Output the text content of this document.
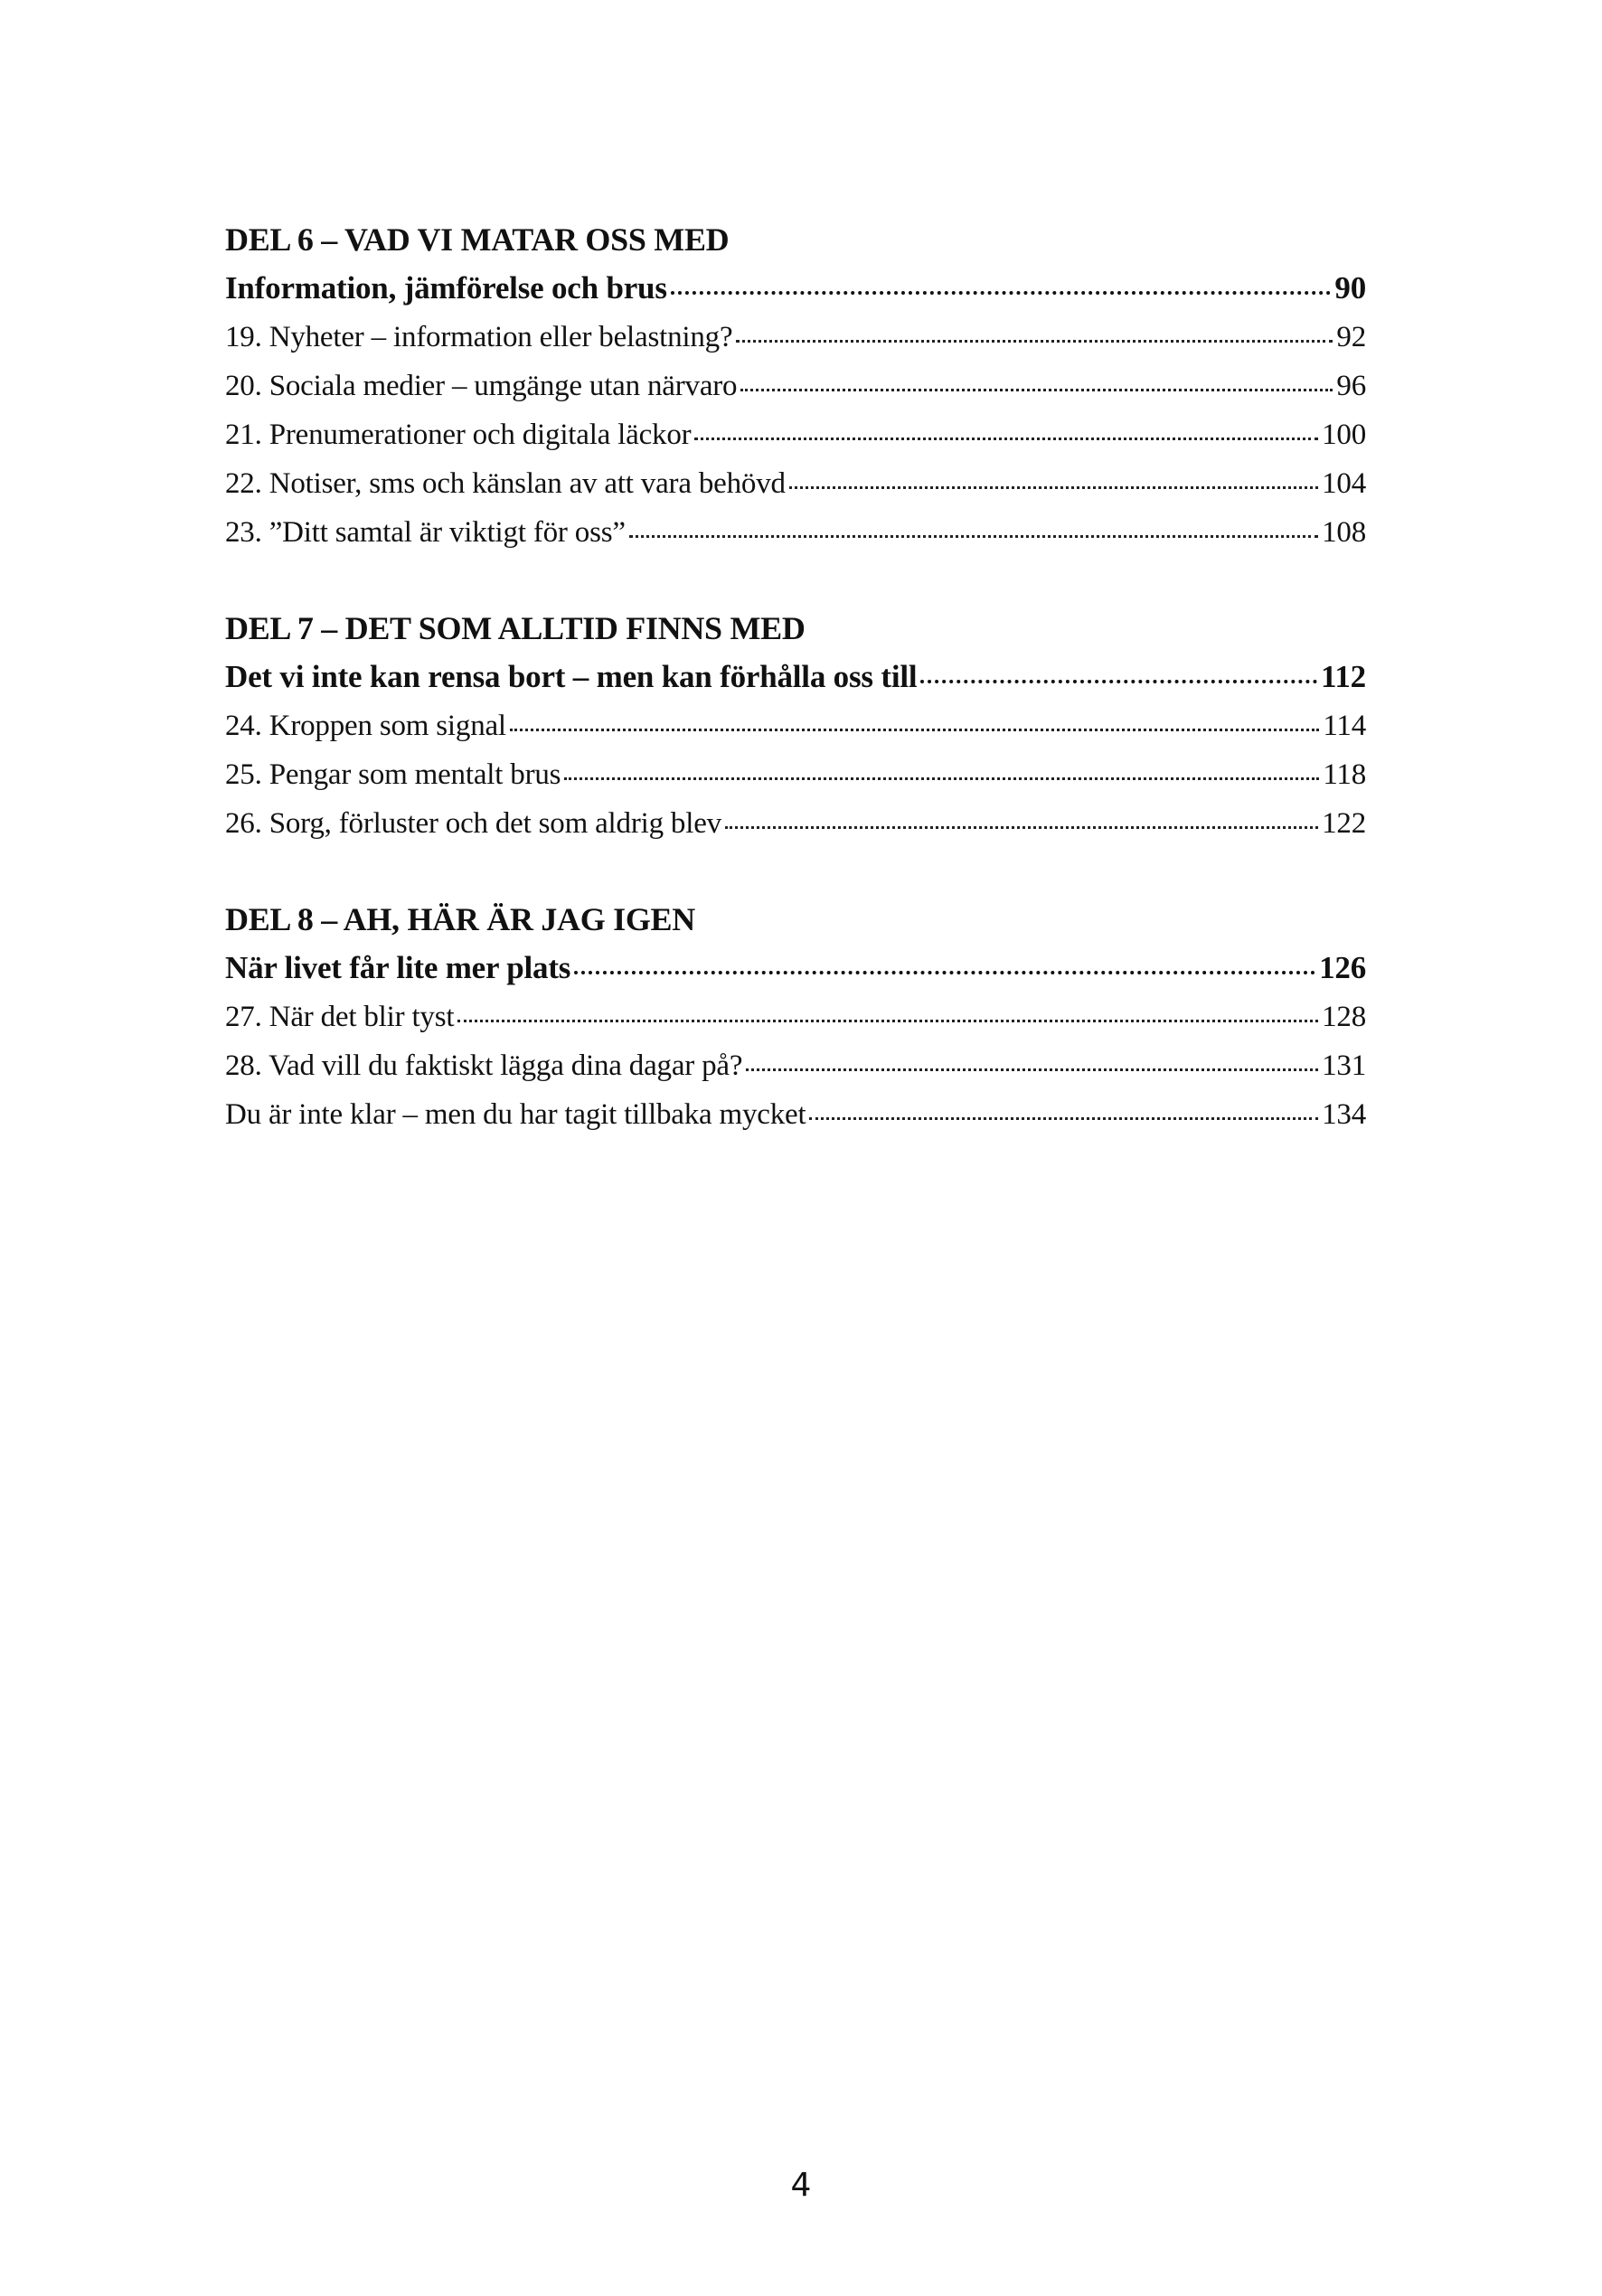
DEL 6 – VAD VI MATAR OSS MED
Information, jämförelse och brus	90
19. Nyheter – information eller belastning?	92
20. Sociala medier – umgänge utan närvaro	96
21. Prenumerationer och digitala läckor	100
22. Notiser, sms och känslan av att vara behövd	104
23. ”Ditt samtal är viktigt för oss”	108
DEL 7 – DET SOM ALLTID FINNS MED
Det vi inte kan rensa bort – men kan förhålla oss till	112
24. Kroppen som signal	114
25. Pengar som mentalt brus	118
26. Sorg, förluster och det som aldrig blev	122
DEL 8 – AH, HÄR ÄR JAG IGEN
När livet får lite mer plats	126
27. När det blir tyst	128
28. Vad vill du faktiskt lägga dina dagar på?	131
Du är inte klar – men du har tagit tillbaka mycket	134
4
